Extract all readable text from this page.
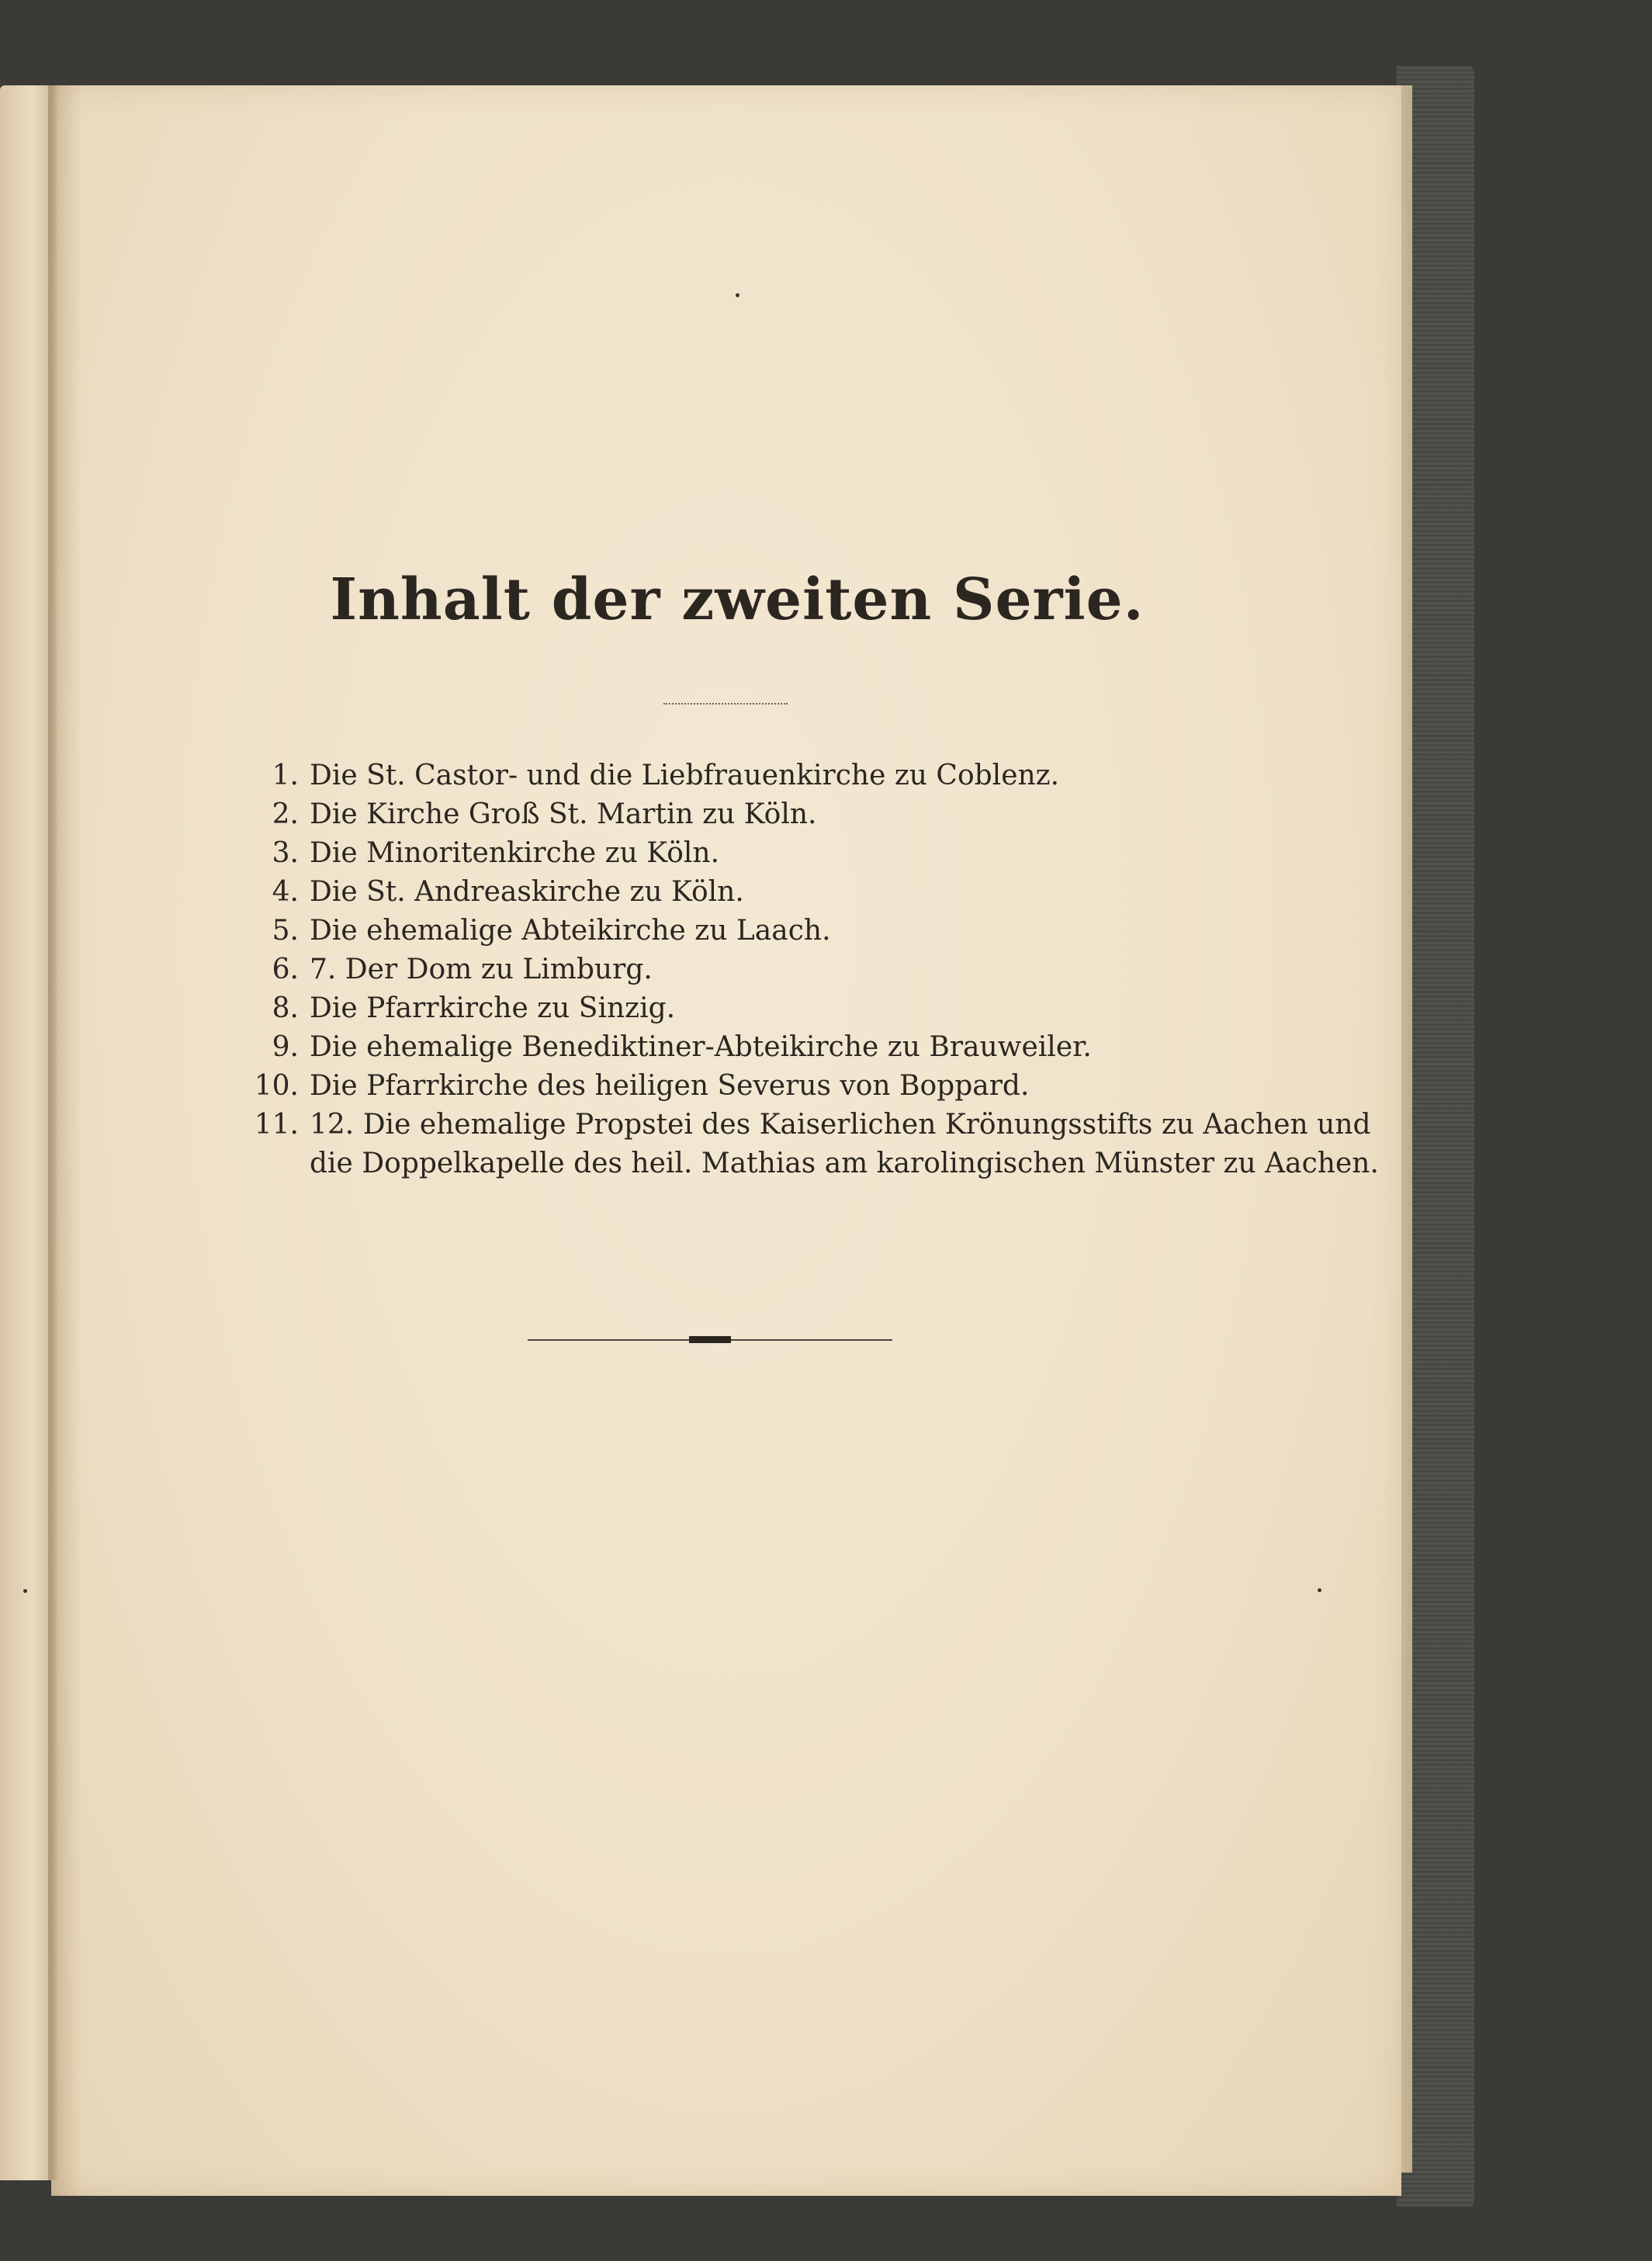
Inhalt der zweiten Serie.
1. Die St. Castor- und die Liebfrauenkirche zu Coblenz.
2. Die Kirche Groß St. Martin zu Köln.
3. Die Minoritenkirche zu Köln.
4. Die St. Andreaskirche zu Köln.
5. Die ehemalige Abteikirche zu Laach.
6. 7. Der Dom zu Limburg.
8. Die Pfarrkirche zu Sinzig.
9. Die ehemalige Benediktiner-Abteikirche zu Brauweiler.
10. Die Pfarrkirche des heiligen Severus von Boppard.
11. 12. Die ehemalige Propstei des Kaiserlichen Krönungsstifts zu Aachen und
die Doppelkapelle des heil. Mathias am karolingischen Münster zu Aachen.
